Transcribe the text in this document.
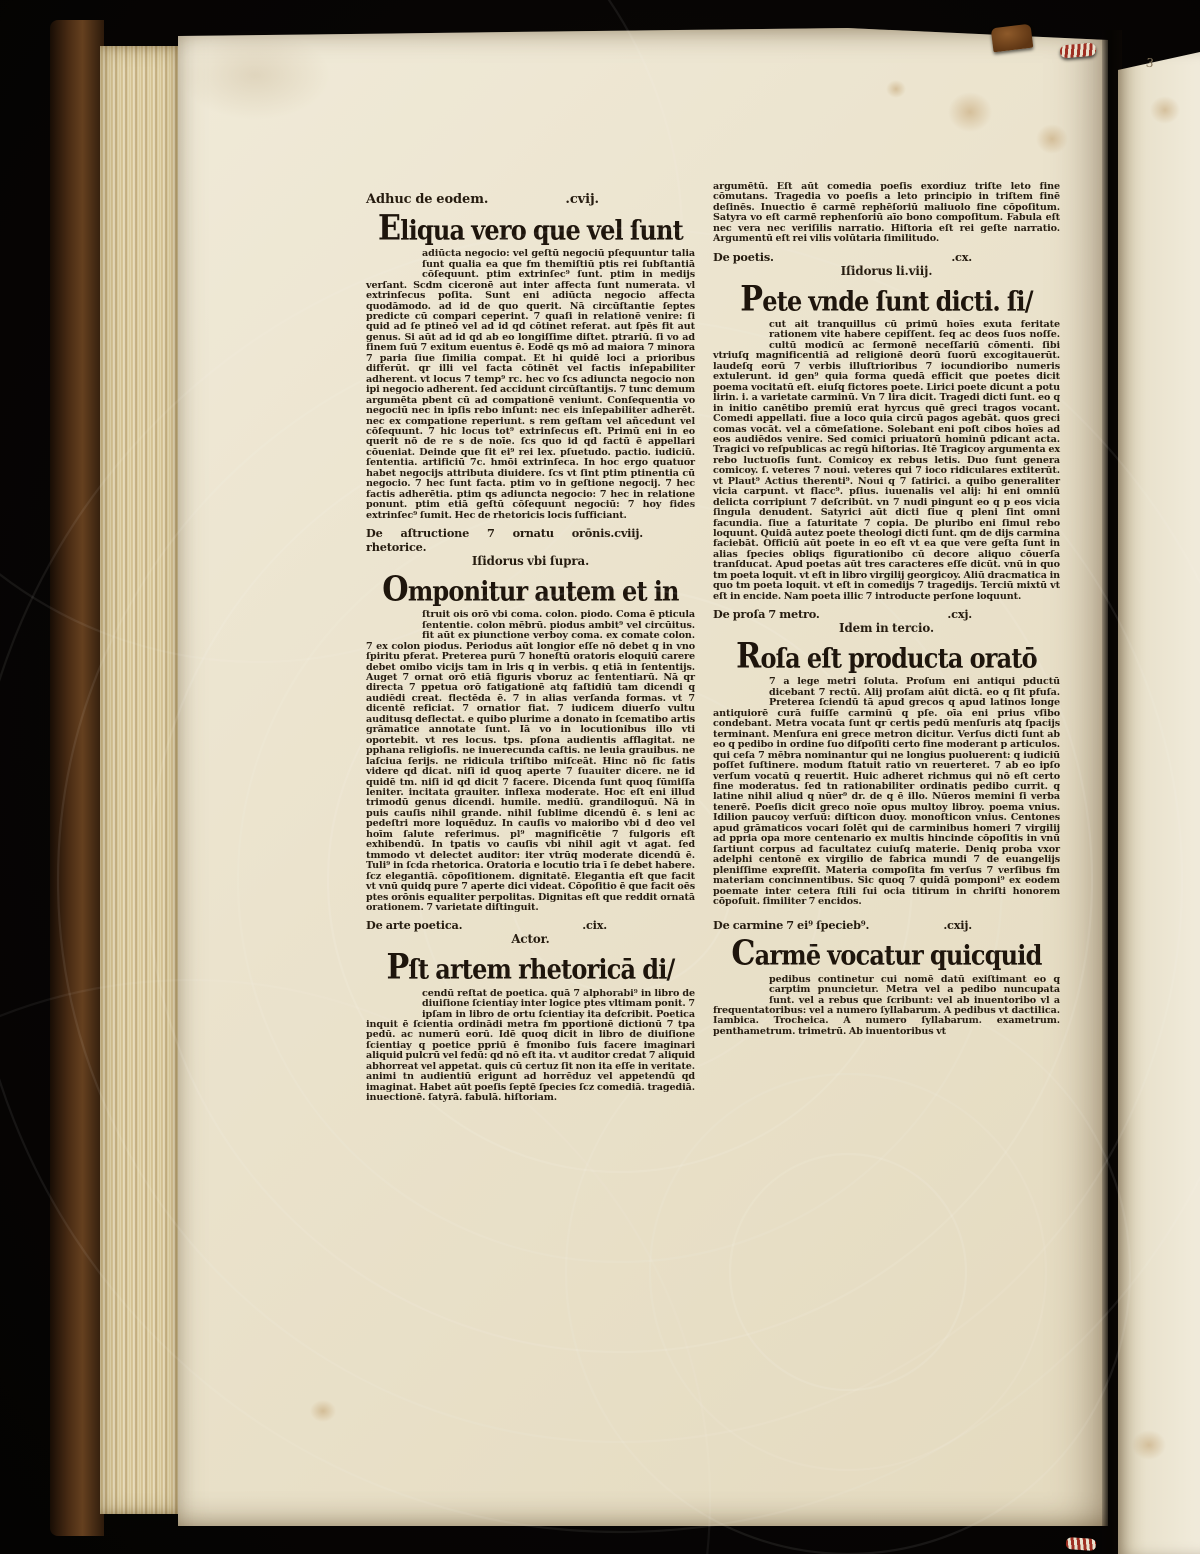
3
Adhuc de eodem.	.cvij.
Eliqua vero que vel ſunt

adiūcta negocio: vel geſtū negociū pſequuntur talia ſunt qualia ea que fm themiſtiū ptis rei ſubſtantiā cōſequunt. ptim extrinſec⁹ ſunt. ptim in medijs verſant. Scdm ciceronē aut inter affecta ſunt numerata. vl extrinſecus poſita. Sunt eni adiūcta negocio affecta quodāmodo. ad id de quo querit. Nā circūſtantie ſeptes predicte cū compari ceperint. 7 quaſi in relationē venire: ſi quid ad ſe ptineō vel ad id qd cōtinet referat. aut ſpēs fit aut genus. Si aūt ad id qd ab eo longiſſime diſtet. ptrariū. ſi vo ad finem ſuū 7 exitum euentus ē. Eodē qs mō ad maiora 7 minora 7 paria ſiue ſimilia compat. Et hi quidē loci a prioribus differūt. qr illi vel facta cōtinēt vel factis inſepabiliter adherent. vt locus 7 temp⁹ rc. hec vo ſcs adiuncta negocio non ipi negocio adherent. ſed accidunt circūſtantijs. 7 tunc demum argumēta pbent cū ad compationē veniunt. Conſequentia vo negociū nec in ipſis rebo inſunt: nec eis inſepabiliter adherēt. nec ex compatione reperiunt. s rem geſtam vel añcedunt vel cōſequunt. 7 hic locus tot⁹ extrinſecus eſt. Primū eni in eo querit nō de re s de noīe. ſcs quo id qd factū ē appellari cōueniat. Deinde que ſit ei⁹ rei lex. pſuetudo. pactio. iudiciū. ſententia. artificiū 7c. hmōi extrinſeca. In hoc ergo quatuor habet negocijs attributa diuidere. ſcs vt ſint ptim ptinentia cū negocio. 7 hec ſunt facta. ptim vo in geſtione negocij. 7 hec factis adherētia. ptim qs adiuncta negocio: 7 hec in relatione ponunt. ptim etiā geſtū cōſequunt negociū: 7 hoy fides extrinſec⁹ ſumit. Hec de rhetoricis locis ſufficiant.

De aſtructione 7 ornatu orōnis rhetorice.
.cviij.
Iſidorus vbi ſupra.
Omponitur autem et in

ſtruit ois orō vbi coma. colon. piodo. Coma ē pticula ſententie. colon mēbrū. piodus ambit⁹ vel circūitus. fit aūt ex piunctione verboy coma. ex comate colon. 7 ex colon piodus. Periodus aūt longior eſſe nō debet q in vno ſpiritu pferat. Preterea purū 7 honeſtū oratoris eloquiū carere debet omibo vicijs tam in lris q in verbis. q etiā in ſententijs. Auget 7 ornat orō etiā figuris vboruz ac ſententiarū. Nā qr directa 7 ppetua orō fatigationē atq faſtidiū tam dicendi q audiēdi creat. flectēda ē. 7 in alias verſanda formas. vt 7 dicentē reficiat. 7 ornatior fiat. 7 iudicem diuerſo vultu auditusq deflectat. e quibo plurime a donato in ſcematibo artis grāmatice annotate ſunt. Iā vo in locutionibus illo vti oportebit. vt res locus. tps. pſona audientis afflagitat. ne pphana religioſis. ne inuerecunda caſtis. ne leuia grauibus. ne laſciua ſerijs. ne ridicula triſtibo miſceāt. Hinc nō ſic ſatis videre qd dicat. niſi id quoq aperte 7 ſuauiter dicere. ne id quidē tm. niſi id qd dicit 7 facere. Dicenda ſunt quoq ſūmiſſa leniter. incitata grauiter. inflexa moderate. Hoc eſt eni illud trimodū genus dicendi. humile. mediū. grandiloquū. Nā in puis cauſis nihil grande. nihil ſublime dicendū ē. s leni ac pedeſtri more loquēduz. In cauſis vo maioribo vbi d deo vel hoīm ſalute referimus. pl⁹ magnificētie 7 fulgoris eſt exhibendū. In tpatis vo cauſis vbi nihil agit vt agat. ſed tmmodo vt delectet auditor: iter vtrūq moderate dicendū ē. Tuli⁹ in ſcda rhetorica. Oratoria e locutio tria ī ſe debet habere. ſcz elegantiā. cōpoſitionem. dignitatē. Elegantia eſt que facit vt vnū quidq pure 7 aperte dici videat. Cōpoſitio ē que facit oēs ptes orōnis equaliter perpolitas. Dignitas eſt que reddit ornatā orationem. 7 varietate diſtinguit.

De arte poetica.	.cix.
Actor.
Pſt artem rhetoricā di/

cendū reſtat de poetica. quā 7 alphorabi⁹ in libro de diuiſione ſcientiay inter logice ptes vltimam ponit. 7 ipſam in libro de ortu ſcientiay ita deſcribit. Poetica inquit ē ſcientia ordinādi metra fm pportionē dictionū 7 tpa pedū. ac numerū eorū. Idē quoq dicit in libro de diuiſione ſcientiay q poetice ppriū ē fmonibo ſuis facere imaginari aliquid pulcrū vel fedū: qd nō eſt ita. vt auditor credat 7 aliquid abhorreat vel appetat. quis cū certuz ſit non ita eſſe in veritate. animi tn audientiū erigunt ad horrēduz vel appetendū qd imaginat. Habet aūt poeſis ſeptē ſpecies ſcz comediā. tragediā. inuectionē. ſatyrā. fabulā. hiſtoriam.

argumētū. Eſt aūt comedia poeſis exordiuz triſte leto fine cōmutans. Tragedia vo poeſis a leto principio in triſtem finē deſinēs. Inuectio ē carmē rephēſoriū maliuolo fine cōpoſitum. Satyra vo eſt carmē rephenſoriū aīo bono compoſitum. Fabula eſt nec vera nec veriſilis narratio. Hiſtoria eſt rei geſte narratio. Argumentū eſt rei vilis volūtaria ſimilitudo.

De poetis.	.cx.
Iſidorus li.viij.
Pete vnde ſunt dicti. ſi/

cut ait tranquillus cū primū hoīes exuta feritate rationem vite habere cepiſſent. ſeq ac deos ſuos noſſe. cultū modicū ac ſermonē neceſſariū cōmenti. ſibi vtriuſq magnificentiā ad religionē deorū ſuorū excogitauerūt. laudeſq eorū 7 verbis illuſtrioribus 7 iocundioribo numeris extulerunt. id gen⁹ quia forma quedā efficit que poetes dicit poema vocitatū eſt. eiuſq fictores poete. Lirici poete dicunt a potu lirin. i. a varietate carminū. Vn 7 lira dicit. Tragedi dicti ſunt. eo q in initio canētibo premiū erat hyrcus quē greci tragos vocant. Comedi appellati. ſiue a loco quia circū pagos agebāt. quos greci comas vocāt. vel a cōmeſatione. Solebant eni poſt cibos hoīes ad eos audiēdos venire. Sed comici priuatorū hominū pdicant acta. Tragici vo reſpublicas ac regū hiſtorias. Itē Tragicoy argumenta ex rebo luctuoſis ſunt. Comicoy ex rebus letis. Duo ſunt genera comicoy. ſ. veteres 7 noui. veteres qui 7 ioco ridiculares extiterūt. vt Plaut⁹ Actius therenti⁹. Noui q 7 ſatirici. a quibo generaliter vicia carpunt. vt flacc⁹. pſius. iuuenalis vel alij: hi eni omniū delicta corripiunt 7 deſcribūt. vn 7 nudi pingunt eo q p eos vicia ſingula denudent. Satyrici aūt dicti ſiue q pleni ſint omni facundia. ſiue a ſaturitate 7 copia. De pluribo eni ſimul rebo loquunt. Quidā autez poete theologi dicti ſunt. qm de dijs carmina faciebāt. Officiū aūt poete in eo eſt vt ea que vere geſta ſunt in alias ſpecies obliqs figurationibo cū decore aliquo cōuerſa tranſducat. Apud poetas aūt tres caracteres eſſe dicūt. vnū in quo tm poeta loquit. vt eſt in libro virgilij georgicoy. Aliū dracmatica in quo tm poeta loquit. vt eſt in comedijs 7 tragedijs. Terciū mixtū vt eſt in encide. Nam poeta illic 7 introducte perſone loquunt.

De proſa 7 metro.	.cxj.
Idem in tercio.
Roſa eſt producta oratō

7 a lege metri ſoluta. Proſum eni antiqui pductū dicebant 7 rectū. Alij proſam aiūt dictā. eo q ſit pfuſa. Preterea ſciendū tā apud grecos q apud latinos longe antiquiorē curā fuiſſe carminū q pſe. oīa eni prius vſibo condebant. Metra vocata ſunt qr certis pedū menſuris atq ſpacijs terminant. Menſura eni grece metron dicitur. Verſus dicti ſunt ab eo q pedibo in ordine ſuo diſpoſiti certo fine moderant p articulos. qui ceſa 7 mēbra nominantur qui ne longius puoluerent: q iudiciū poſſet ſuſtinere. modum ſtatuit ratio vn reuerteret. 7 ab eo ipſo verſum vocatū q reuertit. Huic adheret richmus qui nō eſt certo fine moderatus. ſed tn rationabiliter ordinatis pedibo currit. q latine nihil aliud q nūer⁹ dr. de q ē illo. Nūeros memini ſi verba tenerē. Poeſis dicit greco noīe opus multoy libroy. poema vnius. Idilion paucoy verſuū: diſticon duoy. monoſticon vnius. Centones apud grāmaticos vocari ſolēt qui de carminibus homeri 7 virgilij ad ppria opa more centenario ex multis hincinde cōpoſitis in vnū ſartiunt corpus ad facultatez cuiuſq materie. Deniq proba vxor adelphi centonē ex virgilio de fabrica mundi 7 de euangelijs pleniſſime expreſſit. Materia compoſita fm verſus 7 verſibus fm materiam concinnentibus. Sic quoq 7 quidā pomponi⁹ ex eodem poemate inter cetera ſtili ſui ocia titirum in chriſti honorem cōpoſuit. ſimiliter 7 encidos.

De carmine 7 ei⁹ ſpecieb⁹.	.cxij.
Carmē vocatur quicquid

pedibus continetur cui nomē datū exiſtimant eo q carptim pnuncietur. Metra vel a pedibo nuncupata ſunt. vel a rebus que ſcribunt: vel ab inuentoribo vl a frequentatoribus: vel a numero ſyllabarum. A pedibus vt dactilica. Iambica. Trocheica. A numero ſyllabarum. exametrum. penthametrum. trimetrū. Ab inuentoribus vt
